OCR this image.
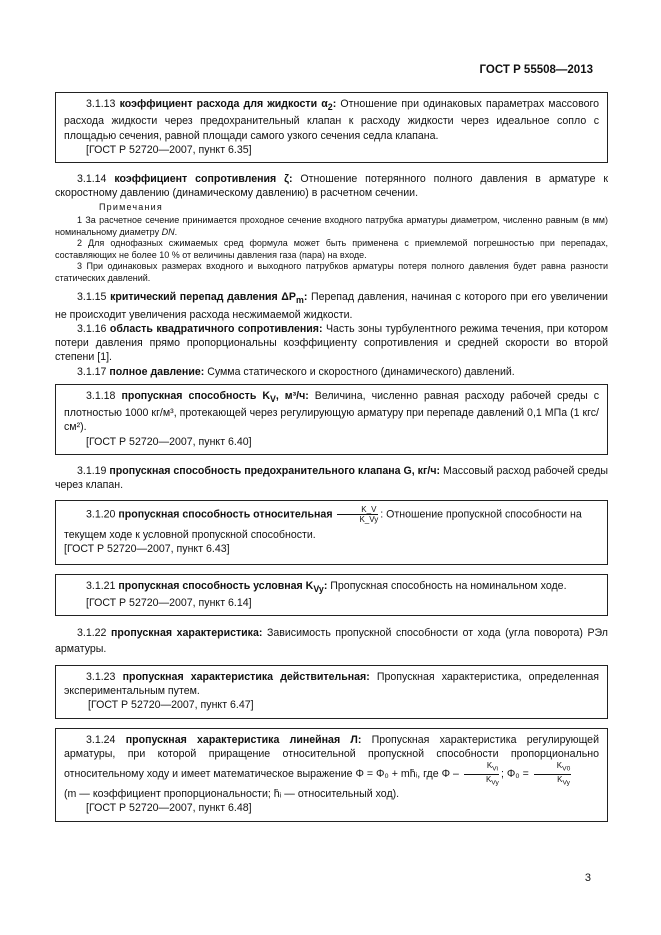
ГОСТ Р 55508—2013

3.1.13 коэффициент расхода для жидкости $\alpha_2$: Отношение при одинаковых параметрах массового расхода жидкости через предохранительный клапан к расходу жидкости через идеальное сопло с площадью сечения, равной площади самого узкого сечения седла клапана.

[ГОСТ Р 52720—2007, пункт 6.35]

3.1.14 коэффициент сопротивления ζ: Отношение потерянного полного давления в арматуре к скоростному давлению (динамическому давлению) в расчетном сечении.

Примечания

1 За расчетное сечение принимается проходное сечение входного патрубка арматуры диаметром, численно равным (в мм) номинальному диаметру DN.

2 Для однофазных сжимаемых сред формула может быть применена с приемлемой погрешностью при перепадах, составляющих не более 10 % от величины давления газа (пара) на входе.

3 При одинаковых размерах входного и выходного патрубков арматуры потеря полного давления будет равна разности статических давлений.

3.1.15 критический перепад давления $\Delta P_m$: Перепад давления, начиная с которого при его увеличении не происходит увеличения расхода несжимаемой жидкости.

3.1.16 область квадратичного сопротивления: Часть зоны турбулентного режима течения, при котором потери давления прямо пропорциональны коэффициенту сопротивления и средней скорости во второй степени [1].

3.1.17 полное давление: Сумма статического и скоростного (динамического) давлений.

3.1.18 пропускная способность $K_V$, м³/ч: Величина, численно равная расходу рабочей среды с плотностью 1000 кг/м³, протекающей через регулирующую арматуру при перепаде давлений 0,1 МПа (1 кгс/см²).

[ГОСТ Р 52720—2007, пункт 6.40]

3.1.19 пропускная способность предохранительного клапана G, кг/ч: Массовый расход рабочей среды через клапан.

3.1.20 пропускная способность относительная $\frac{K\_V}{K\_Vy}$ : Отношение пропускной способности на

текущем ходе к условной пропускной способности.

[ГОСТ Р 52720—2007, пункт 6.43]

3.1.21 пропускная способность условная $K_{Vy}$: Пропускная способность на номинальном ходе.

[ГОСТ Р 52720—2007, пункт 6.14]

3.1.22 пропускная характеристика: Зависимость пропускной способности от хода (угла поворота) РЭл арматуры.

3.1.23 пропускная характеристика действительная: Пропускная характеристика, определенная экспериментальным путем.

[ГОСТ Р 52720—2007, пункт 6.47]

3.1.24 пропускная характеристика линейная Л: Пропускная характеристика регулирующей арматуры, при которой приращение относительной пропускной способности пропорционально относительному ходу и имеет математическое выражение Φ = Φ₀ + mh̄ᵢ, где Φ – $\frac{K_{Vi}}{K_{Vy}}$ ; $\Phi_0 = \frac{K_{V0}}{K_{Vy}}$

(m — коэффициент пропорциональности; h̄ᵢ — относительный ход).

[ГОСТ Р 52720—2007, пункт 6.48]

3
